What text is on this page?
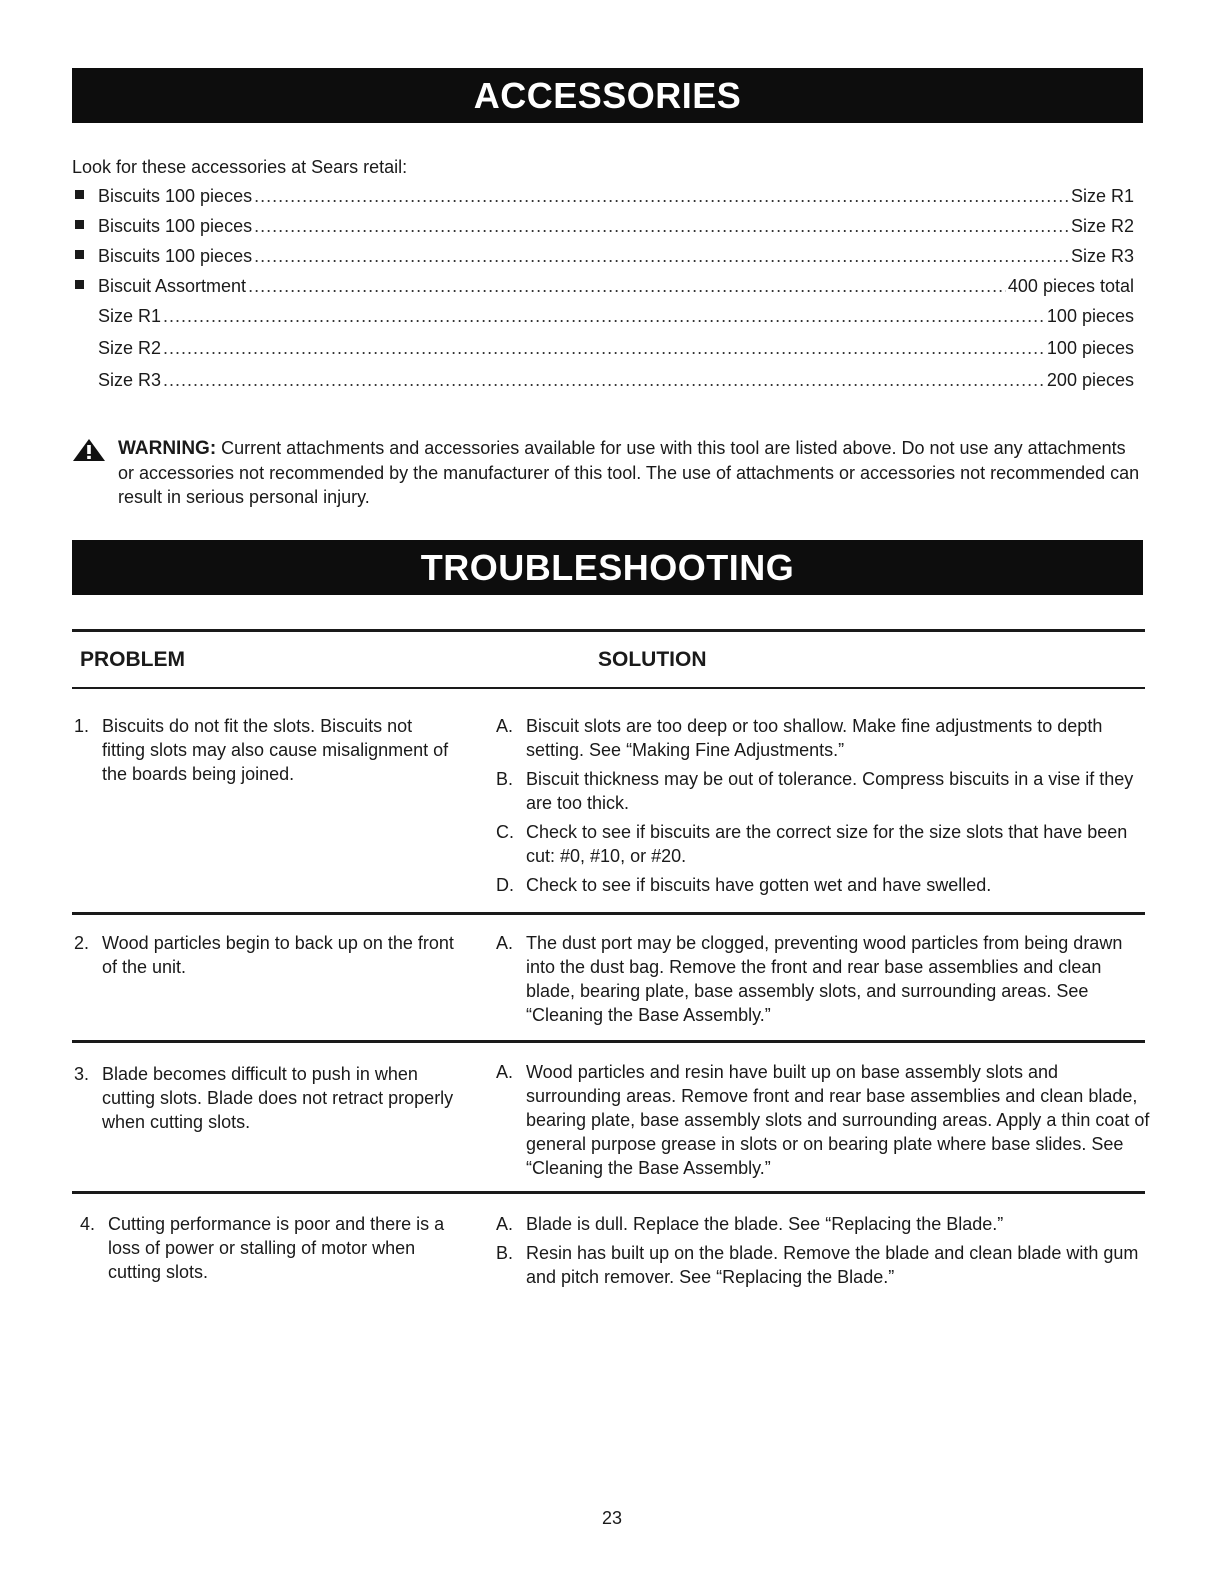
ACCESSORIES
Look for these accessories at Sears retail:
Biscuits 100 pieces .....	Size R1
Biscuits 100 pieces .....	Size R2
Biscuits 100 pieces .....	Size R3
Biscuit Assortment .....	400 pieces total
Size R1 .....	100 pieces
Size R2 .....	100 pieces
Size R3 .....	200 pieces
WARNING: Current attachments and accessories available for use with this tool are listed above. Do not use any attachments or accessories not recommended by the manufacturer of this tool. The use of attachments or accessories not recommended can result in serious personal injury.
TROUBLESHOOTING
PROBLEM	SOLUTION
1. Biscuits do not fit the slots. Biscuits not fitting slots may also cause misalignment of the boards being joined.
A. Biscuit slots are too deep or too shallow. Make fine adjustments to depth setting. See “Making Fine Adjustments.”
B. Biscuit thickness may be out of tolerance. Compress biscuits in a vise if they are too thick.
C. Check to see if biscuits are the correct size for the size slots that have been cut: #0, #10, or #20.
D. Check to see if biscuits have gotten wet and have swelled.
2. Wood particles begin to back up on the front of the unit.
A. The dust port may be clogged, preventing wood particles from being drawn into the dust bag. Remove the front and rear base assemblies and clean blade, bearing plate, base assembly slots, and surrounding areas. See “Cleaning the Base Assembly.”
3. Blade becomes difficult to push in when cutting slots. Blade does not retract properly when cutting slots.
A. Wood particles and resin have built up on base assembly slots and surrounding areas. Remove front and rear base assemblies and clean blade, bearing plate, base assembly slots and surrounding areas. Apply a thin coat of general purpose grease in slots or on bearing plate where base slides. See “Cleaning the Base Assembly.”
4. Cutting performance is poor and there is a loss of power or stalling of motor when cutting slots.
A. Blade is dull. Replace the blade. See “Replacing the Blade.”
B. Resin has built up on the blade. Remove the blade and clean blade with gum and pitch remover. See “Replacing the Blade.”
23
